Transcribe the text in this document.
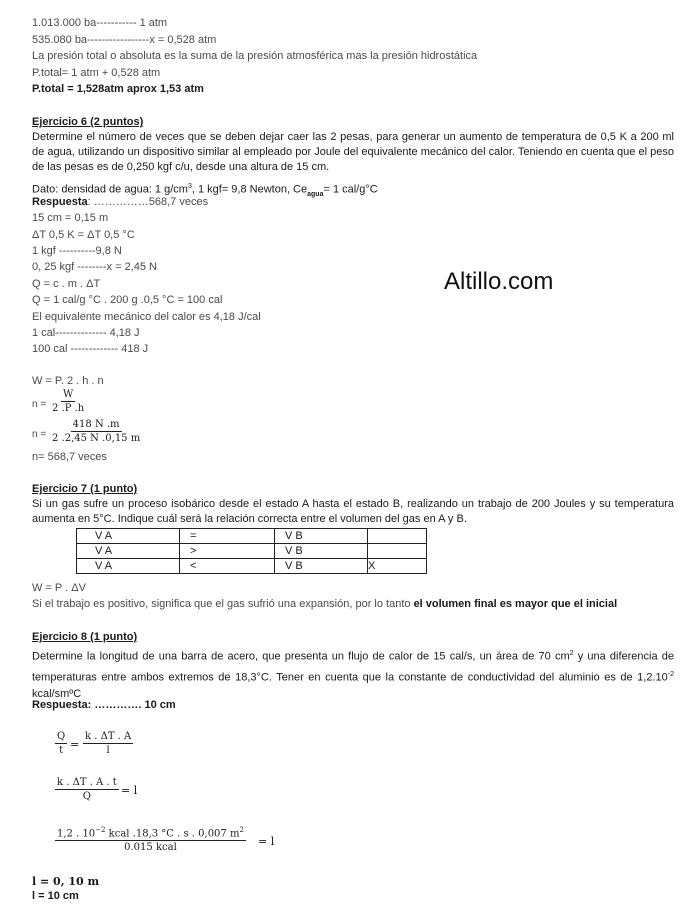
1.013.000 ba----------- 1 atm
535.080 ba-----------------x = 0,528 atm
La presión total o absoluta es la suma de la presión atmosférica mas la presión hidrostática
P.total= 1 atm + 0,528 atm
P.total = 1,528atm aprox 1,53 atm
Ejercicio 6 (2 puntos)
Determine el número de veces que se deben dejar caer las 2 pesas, para generar un aumento de temperatura de 0,5 K a 200 ml de agua, utilizando un dispositivo similar al empleado por Joule del equivalente mecánico del calor. Teniendo en cuenta que el peso de las pesas es de 0,250 kgf c/u, desde una altura de 15 cm.
Dato: densidad de agua: 1 $g/cm^3$, 1 kgf= 9,8 Newton, $Ce_{agua}= 1$ cal/g°C
Respuesta: ……………568,7 veces
15 cm = 0,15 m
ΔT 0,5 K = ΔT 0,5 °C
1 kgf ----------9,8 N
0, 25 kgf --------x = 2,45 N
Q = c . m . ΔT
Q = 1 cal/g °C . 200 g .0,5 °C = 100 cal
El equivalente mecánico del calor es 4,18 J/cal
1 cal-------------- 4,18 J
100 cal ------------- 418 J
Altillo.com
W = P. 2 . h . n
$n = \frac{W}{2 .P .h}$
$n = \frac{418 N .m}{2 .2,45 N .0,15 m}$
n= 568,7 veces
Ejercicio 7 (1 punto)
Si un gas sufre un proceso isobárico desde el estado A hasta el estado B, realizando un trabajo de 200 Joules y su temperatura aumenta en 5°C. Indique cuál será la relación correcta entre el volumen del gas en A y B.
V A	=	V B	
V A	>	V B	
V A	<	V B	X
W = P . ΔV
Si el trabajo es positivo, significa que el gas sufrió una expansión, por lo tanto el volumen final es mayor que el inicial
Ejercicio 8 (1 punto)
Determine la longitud de una barra de acero, que presenta un flujo de calor de 15 cal/s, un área de 70 $cm^2$ y una diferencia de temperaturas entre ambos extremos de 18,3°C. Tener en cuenta que la constante de conductividad del aluminio es de $1,2.10^{-2}$ kcal/smºC
Respuesta: …………. 10 cm
$\frac{Q}{t} = \frac{k . \Delta T . A}{l}$
$\frac{k . \Delta T . A . t}{Q} = l$
1,2 . $10^{-2}$ kcal .18,3 °C . s . 0,007 $m^2$
0.015 kcal	= l
l = 0, 10 m
l = 10 cm
